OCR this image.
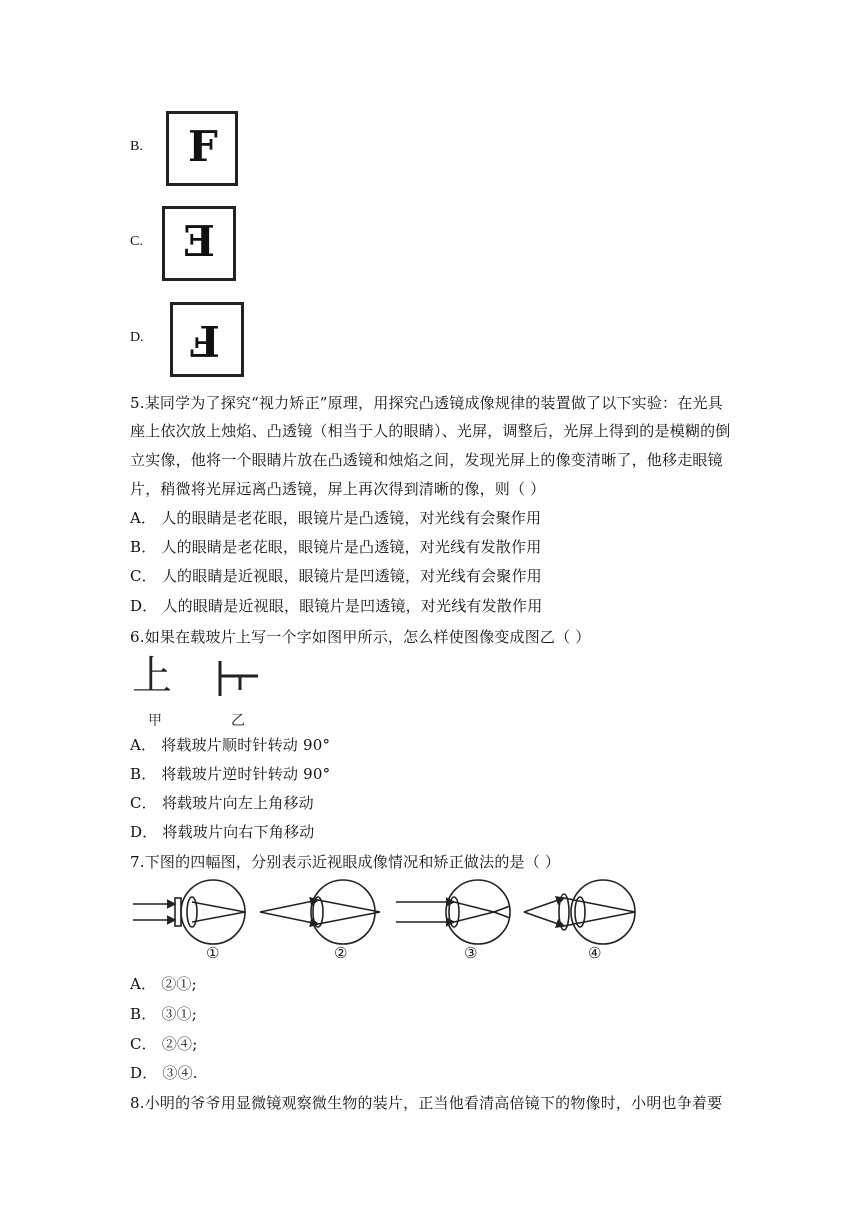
B. F
C. E
D. F
5.某同学为了探究“视力矫正”原理，用探究凸透镜成像规律的装置做了以下实验：在光具
座上依次放上烛焰、凸透镜（相当于人的眼睛）、光屏，调整后，光屏上得到的是模糊的倒
立实像，他将一个眼睛片放在凸透镜和烛焰之间，发现光屏上的像变清晰了，他移走眼镜
片，稍微将光屏远离凸透镜，屏上再次得到清晰的像，则（ ）
A． 人的眼睛是老花眼，眼镜片是凸透镜，对光线有会聚作用
B． 人的眼睛是老花眼，眼镜片是凸透镜，对光线有发散作用
C． 人的眼睛是近视眼，眼镜片是凹透镜，对光线有会聚作用
D． 人的眼睛是近视眼，眼镜片是凹透镜，对光线有发散作用
6.如果在载玻片上写一个字如图甲所示，怎么样使图像变成图乙（ ）
上
甲	乙
A． 将载玻片顺时针转动 90°
B． 将载玻片逆时针转动 90°
C． 将载玻片向左上角移动
D． 将载玻片向右下角移动
7.下图的四幅图，分别表示近视眼成像情况和矫正做法的是（ ）
①	②	③	④
A． ②①;
B． ③①;
C． ②④;
D． ③④.
8.小明的爷爷用显微镜观察微生物的装片，正当他看清高倍镜下的物像时，小明也争着要
